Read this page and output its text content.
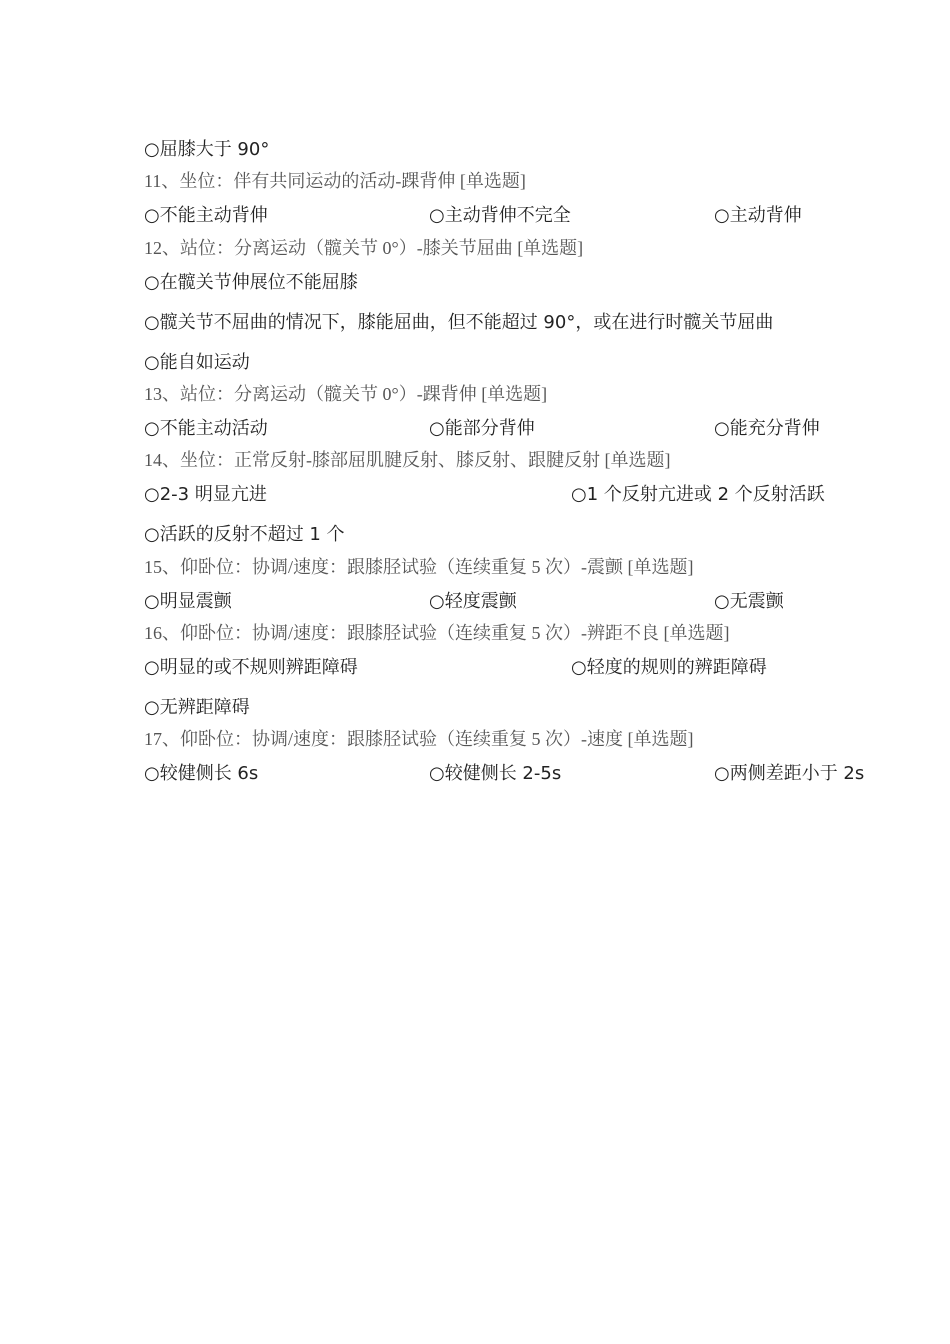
○屈膝大于 90°
11、坐位：伴有共同运动的活动-踝背伸 [单选题]
○不能主动背伸	○主动背伸不完全	○主动背伸
12、站位：分离运动（髋关节 0°）-膝关节屈曲 [单选题]
○在髋关节伸展位不能屈膝
○髋关节不屈曲的情况下，膝能屈曲，但不能超过 90°，或在进行时髋关节屈曲
○能自如运动
13、站位：分离运动（髋关节 0°）-踝背伸 [单选题]
○不能主动活动	○能部分背伸	○能充分背伸
14、坐位：正常反射-膝部屈肌腱反射、膝反射、跟腱反射 [单选题]
○2-3 明显亢进	○1 个反射亢进或 2 个反射活跃
○活跃的反射不超过 1 个
15、仰卧位：协调/速度：跟膝胫试验（连续重复 5 次）-震颤 [单选题]
○明显震颤	○轻度震颤	○无震颤
16、仰卧位：协调/速度：跟膝胫试验（连续重复 5 次）-辨距不良 [单选题]
○明显的或不规则辨距障碍	○轻度的规则的辨距障碍
○无辨距障碍
17、仰卧位：协调/速度：跟膝胫试验（连续重复 5 次）-速度 [单选题]
○较健侧长 6s	○较健侧长 2-5s	○两侧差距小于 2s
